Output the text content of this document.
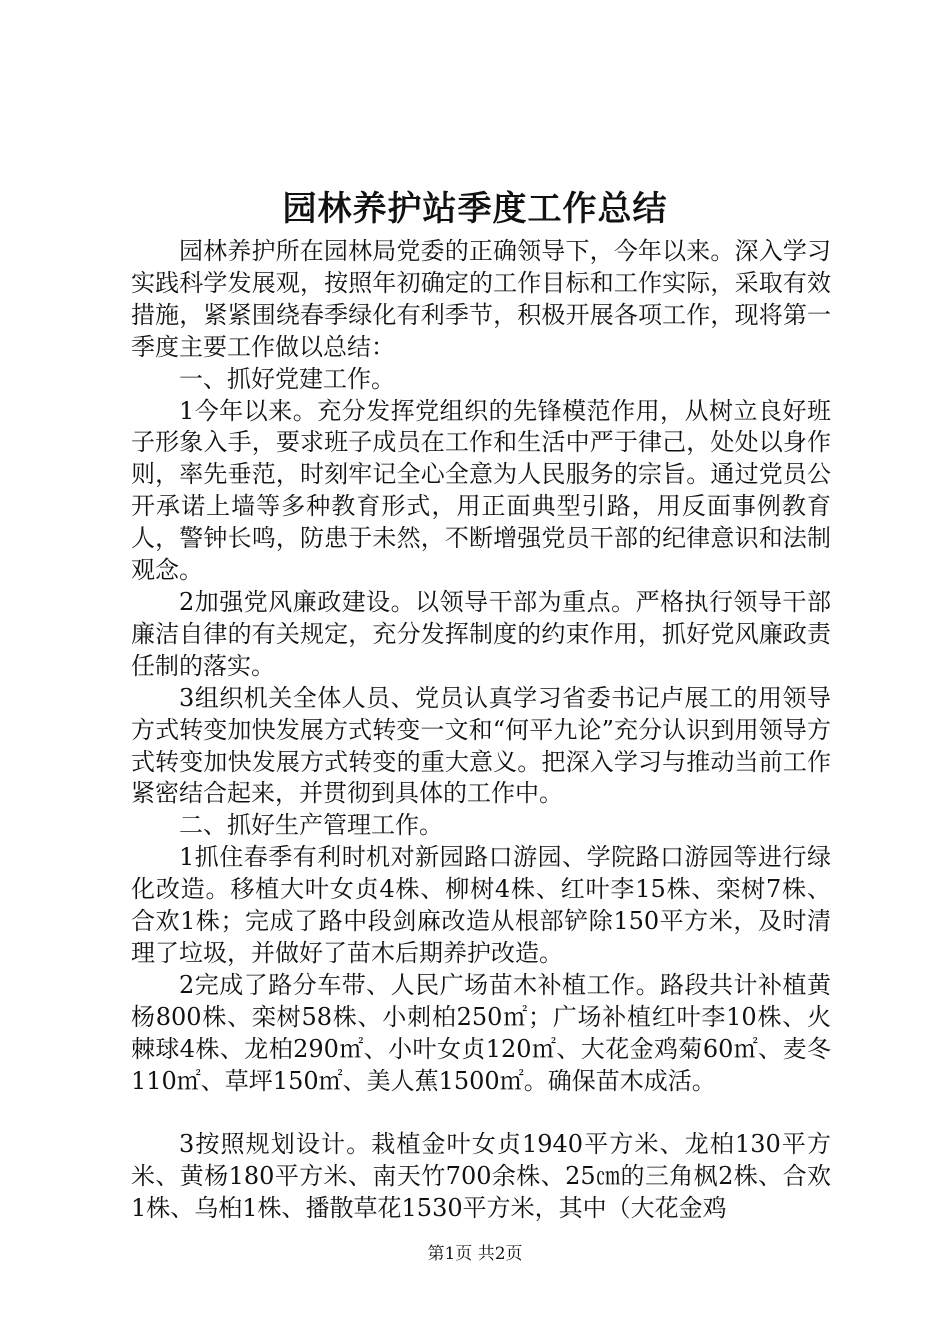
园林养护站季度工作总结

园林养护所在园林局党委的正确领导下，今年以来。深入学习实践科学发展观，按照年初确定的工作目标和工作实际，采取有效措施，紧紧围绕春季绿化有利季节，积极开展各项工作，现将第一季度主要工作做以总结：

一、抓好党建工作。

1今年以来。充分发挥党组织的先锋模范作用，从树立良好班子形象入手，要求班子成员在工作和生活中严于律己，处处以身作则，率先垂范，时刻牢记全心全意为人民服务的宗旨。通过党员公开承诺上墙等多种教育形式，用正面典型引路，用反面事例教育人，警钟长鸣，防患于未然，不断增强党员干部的纪律意识和法制观念。

2加强党风廉政建设。以领导干部为重点。严格执行领导干部廉洁自律的有关规定，充分发挥制度的约束作用，抓好党风廉政责任制的落实。

3组织机关全体人员、党员认真学习省委书记卢展工的用领导方式转变加快发展方式转变一文和“何平九论”充分认识到用领导方式转变加快发展方式转变的重大意义。把深入学习与推动当前工作紧密结合起来，并贯彻到具体的工作中。

二、抓好生产管理工作。

1抓住春季有利时机对新园路口游园、学院路口游园等进行绿化改造。移植大叶女贞4株、柳树4株、红叶李15株、栾树7株、合欢1株；完成了路中段剑麻改造从根部铲除150平方米，及时清理了垃圾，并做好了苗木后期养护改造。

2完成了路分车带、人民广场苗木补植工作。路段共计补植黄杨800株、栾树58株、小刺柏250㎡；广场补植红叶李10株、火棘球4株、龙柏290㎡、小叶女贞120㎡、大花金鸡菊60㎡、麦冬110㎡、草坪150㎡、美人蕉1500㎡。确保苗木成活。

3按照规划设计。栽植金叶女贞1940平方米、龙柏130平方米、黄杨180平方米、南天竹700余株、25㎝的三角枫2株、合欢1株、乌桕1株、播散草花1530平方米，其中（大花金鸡

第1页 共2页
